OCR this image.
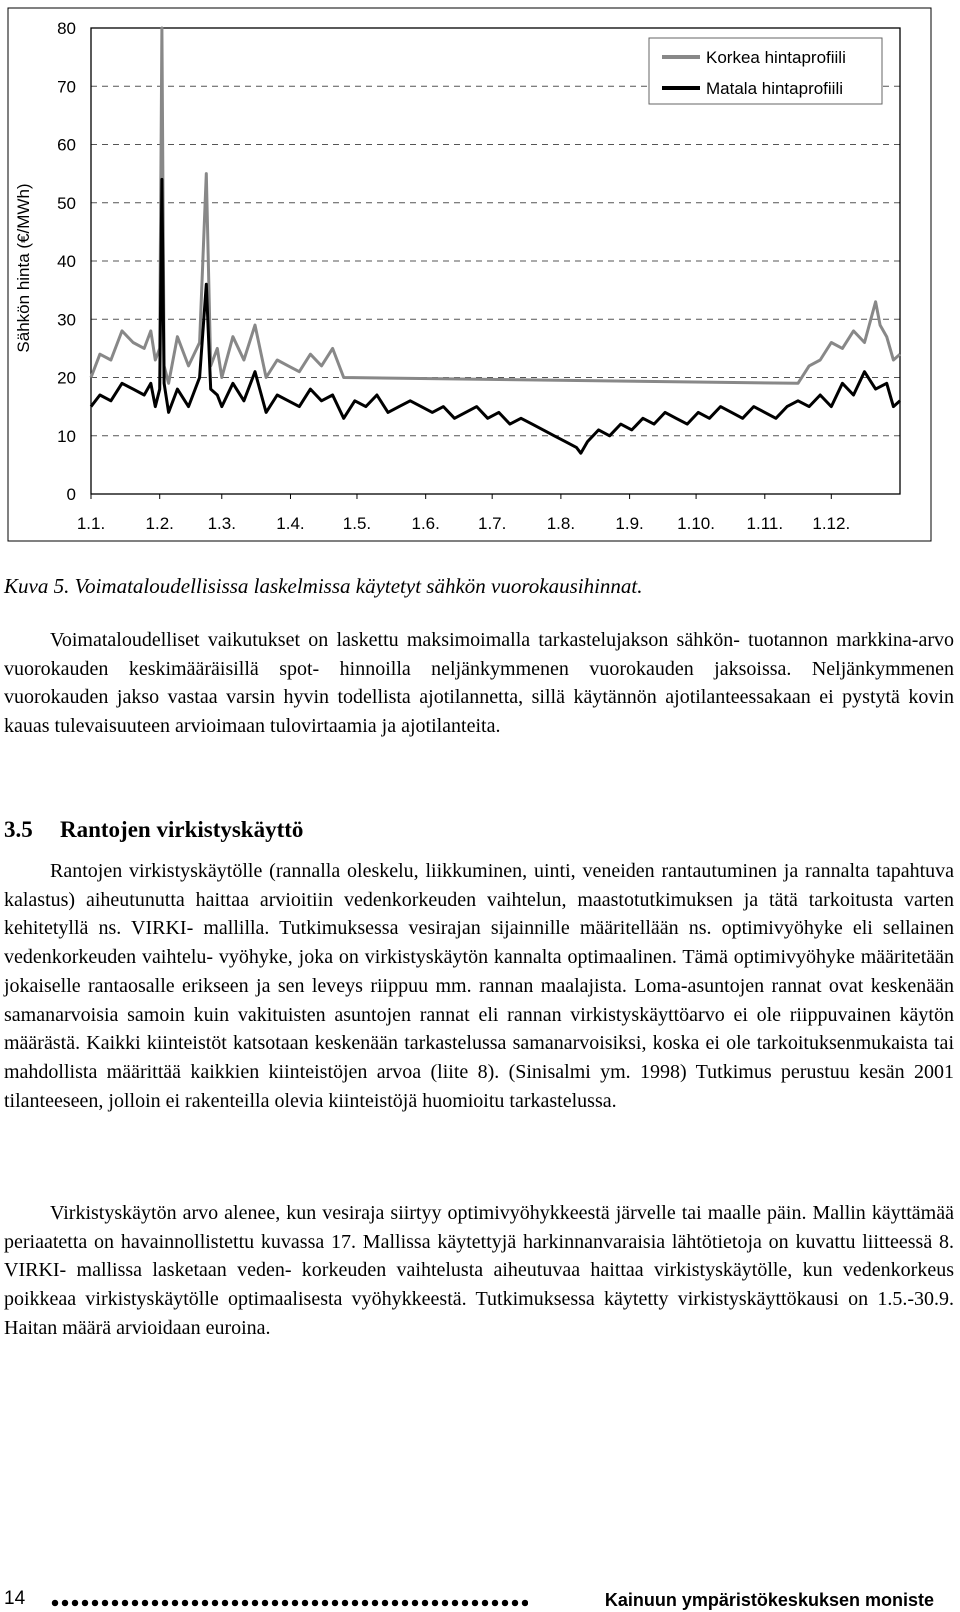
0
10
20
30
40
50
60
70
80
1.1. 1.2. 1.3. 1.4. 1.5. 1.6. 1.7. 1.8. 1.9. 1.10. 1.11. 1.12.
Sähkön hinta (€/MWh)
Korkea hintaprofiili
Matala hintaprofiili

Kuva 5. Voimataloudellisissa laskelmissa käytetyt sähkön vuorokausihinnat.

Voimataloudelliset vaikutukset on laskettu maksimoimalla tarkastelujakson sähkön- tuotannon markkina-arvo vuorokauden keskimääräisillä spot- hinnoilla neljänkymmenen vuorokauden jaksoissa. Neljänkymmenen vuorokauden jakso vastaa varsin hyvin todellista ajotilannetta, sillä käytännön ajotilanteessakaan ei pystytä kovin kauas tulevaisuuteen arvioimaan tulovirtaamia ja ajotilanteita.

3.5 Rantojen virkistyskäyttö

Rantojen virkistyskäytölle (rannalla oleskelu, liikkuminen, uinti, veneiden rantautuminen ja rannalta tapahtuva kalastus) aiheutunutta haittaa arvioitiin vedenkorkeuden vaihtelun, maastotutkimuksen ja tätä tarkoitusta varten kehitetyllä ns. VIRKI- mallilla. Tutkimuksessa vesirajan sijainnille määritellään ns. optimivyöhyke eli sellainen vedenkorkeuden vaihtelu- vyöhyke, joka on virkistyskäytön kannalta optimaalinen. Tämä optimivyöhyke määritetään jokaiselle rantaosalle erikseen ja sen leveys riippuu mm. rannan maalajista. Loma-asuntojen rannat ovat keskenään samanarvoisia samoin kuin vakituisten asuntojen rannat eli rannan virkistyskäyttöarvo ei ole riippuvainen käytön määrästä. Kaikki kiinteistöt katsotaan keskenään tarkastelussa samanarvoisiksi, koska ei ole tarkoituksenmukaista tai mahdollista määrittää kaikkien kiinteistöjen arvoa (liite 8). (Sinisalmi ym. 1998) Tutkimus perustuu kesän 2001 tilanteeseen, jolloin ei rakenteilla olevia kiinteistöjä huomioitu tarkastelussa.

Virkistyskäytön arvo alenee, kun vesiraja siirtyy optimivyöhykkeestä järvelle tai maalle päin. Mallin käyttämää periaatetta on havainnollistettu kuvassa 17. Mallissa käytettyjä harkinnanvaraisia lähtötietoja on kuvattu liitteessä 8. VIRKI- mallissa lasketaan veden- korkeuden vaihtelusta aiheutuvaa haittaa virkistyskäytölle, kun vedenkorkeus poikkeaa virkistyskäytölle optimaalisesta vyöhykkeestä. Tutkimuksessa käytetty virkistyskäyttökausi on 1.5.-30.9. Haitan määrä arvioidaan euroina.

14	Kainuun ympäristökeskuksen moniste
